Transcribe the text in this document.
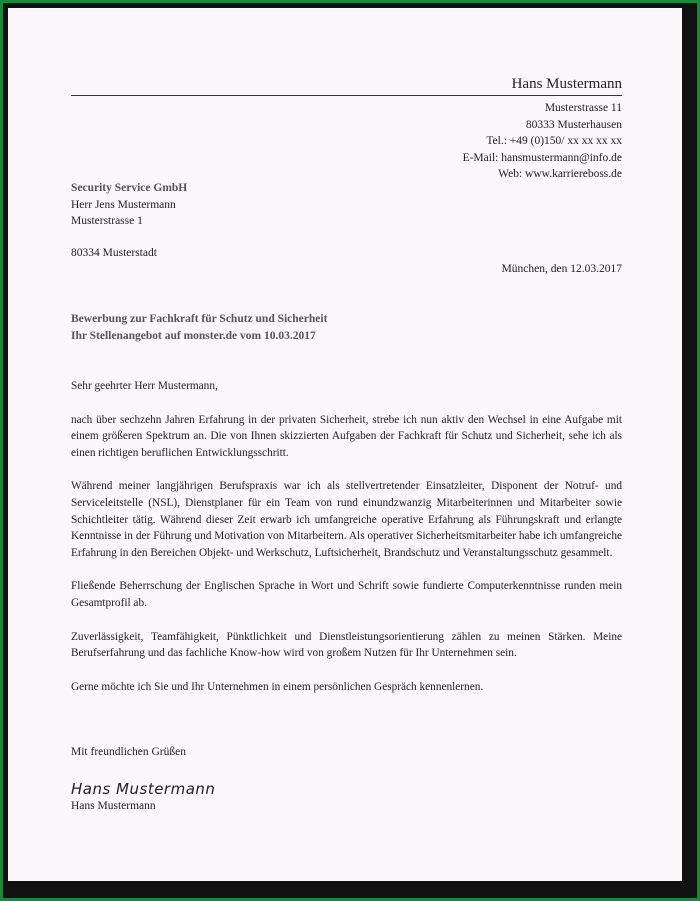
Hans Mustermann
Musterstrasse 11
80333 Musterhausen
Tel.: +49 (0)150/ xx xx xx xx
E-Mail: hansmustermann@info.de
Web: www.karriereboss.de
Security Service GmbH
Herr Jens Mustermann
Musterstrasse 1
80334 Musterstadt
München, den 12.03.2017
Bewerbung zur Fachkraft für Schutz und Sicherheit
Ihr Stellenangebot auf monster.de vom 10.03.2017

Sehr geehrter Herr Mustermann,

nach über sechzehn Jahren Erfahrung in der privaten Sicherheit, strebe ich nun aktiv den Wechsel in eine Aufgabe mit einem größeren Spektrum an. Die von Ihnen skizzierten Aufgaben der Fachkraft für Schutz und Sicherheit, sehe ich als einen richtigen beruflichen Entwicklungsschritt.

Während meiner langjährigen Berufspraxis war ich als stellvertretender Einsatzleiter, Disponent der Notruf- und Serviceleitstelle (NSL), Dienstplaner für ein Team von rund einundzwanzig Mitarbeiterinnen und Mitarbeiter sowie Schichtleiter tätig. Während dieser Zeit erwarb ich umfangreiche operative Erfahrung als Führungskraft und erlangte Kenntnisse in der Führung und Motivation von Mitarbeitern. Als operativer Sicherheitsmitarbeiter habe ich umfangreiche Erfahrung in den Bereichen Objekt- und Werkschutz, Luftsicherheit, Brandschutz und Veranstaltungsschutz gesammelt.

Fließende Beherrschung der Englischen Sprache in Wort und Schrift sowie fundierte Computerkenntnisse runden mein Gesamtprofil ab.

Zuverlässigkeit, Teamfähigkeit, Pünktlichkeit und Dienstleistungsorientierung zählen zu meinen Stärken. Meine Berufserfahrung und das fachliche Know-how wird von großem Nutzen für Ihr Unternehmen sein.

Gerne möchte ich Sie und Ihr Unternehmen in einem persönlichen Gespräch kennenlernen.

Mit freundlichen Grüßen
Hans Mustermann
Hans Mustermann
